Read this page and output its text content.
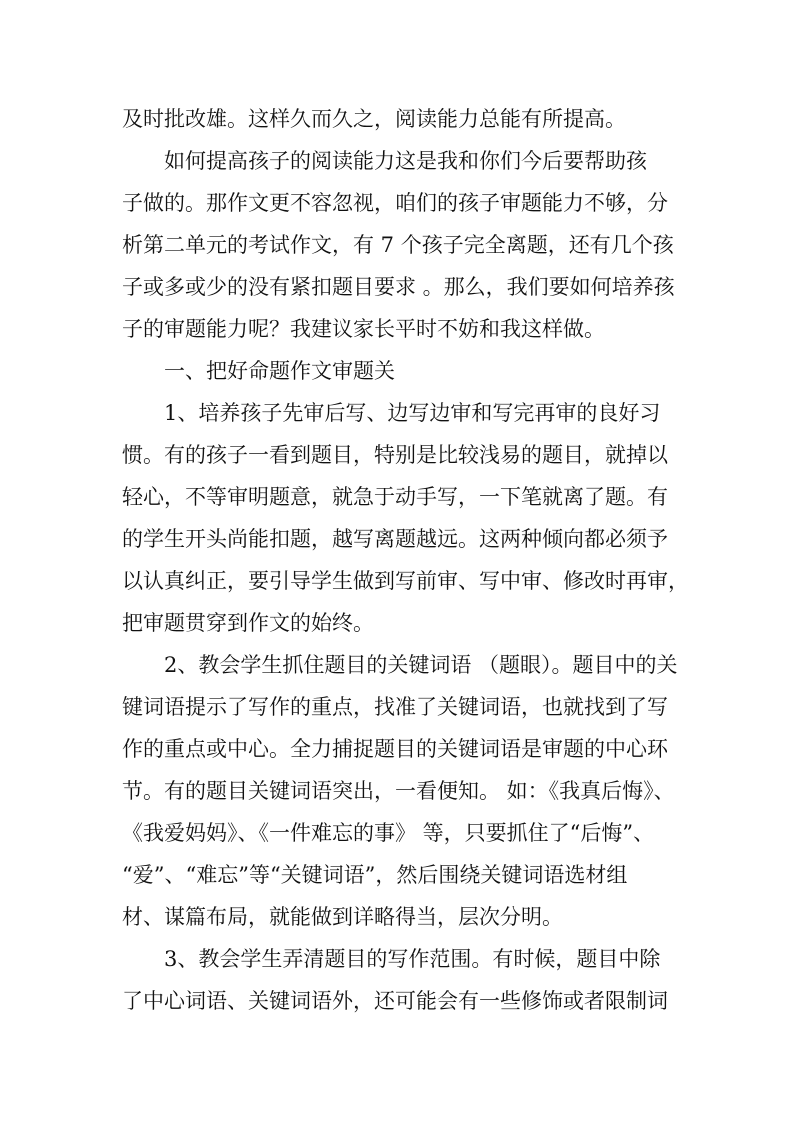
及时批改雄。这样久而久之，阅读能力总能有所提高。
如何提高孩子的阅读能力这是我和你们今后要帮助孩
子做的。那作文更不容忽视，咱们的孩子审题能力不够，分
析第二单元的考试作文，有 7 个孩子完全离题，还有几个孩
子或多或少的没有紧扣题目要求 。那么，我们要如何培养孩
子的审题能力呢？我建议家长平时不妨和我这样做。
一、把好命题作文审题关
1、培养孩子先审后写、边写边审和写完再审的良好习
惯。有的孩子一看到题目，特别是比较浅易的题目，就掉以
轻心，不等审明题意，就急于动手写，一下笔就离了题。有
的学生开头尚能扣题，越写离题越远。这两种倾向都必须予
以认真纠正，要引导学生做到写前审、写中审、修改时再审，
把审题贯穿到作文的始终。
2、教会学生抓住题目的关键词语 （题眼）。题目中的关
键词语提示了写作的重点，找准了关键词语，也就找到了写
作的重点或中心。全力捕捉题目的关键词语是审题的中心环
节。有的题目关键词语突出，一看便知。 如：《我真后悔》、
《我爱妈妈》、《一件难忘的事》 等，只要抓住了“后悔”、
“爱”、“难忘”等“关键词语”，然后围绕关键词语选材组
材、谋篇布局，就能做到详略得当，层次分明。
3、教会学生弄清题目的写作范围。有时候，题目中除
了中心词语、关键词语外，还可能会有一些修饰或者限制词
